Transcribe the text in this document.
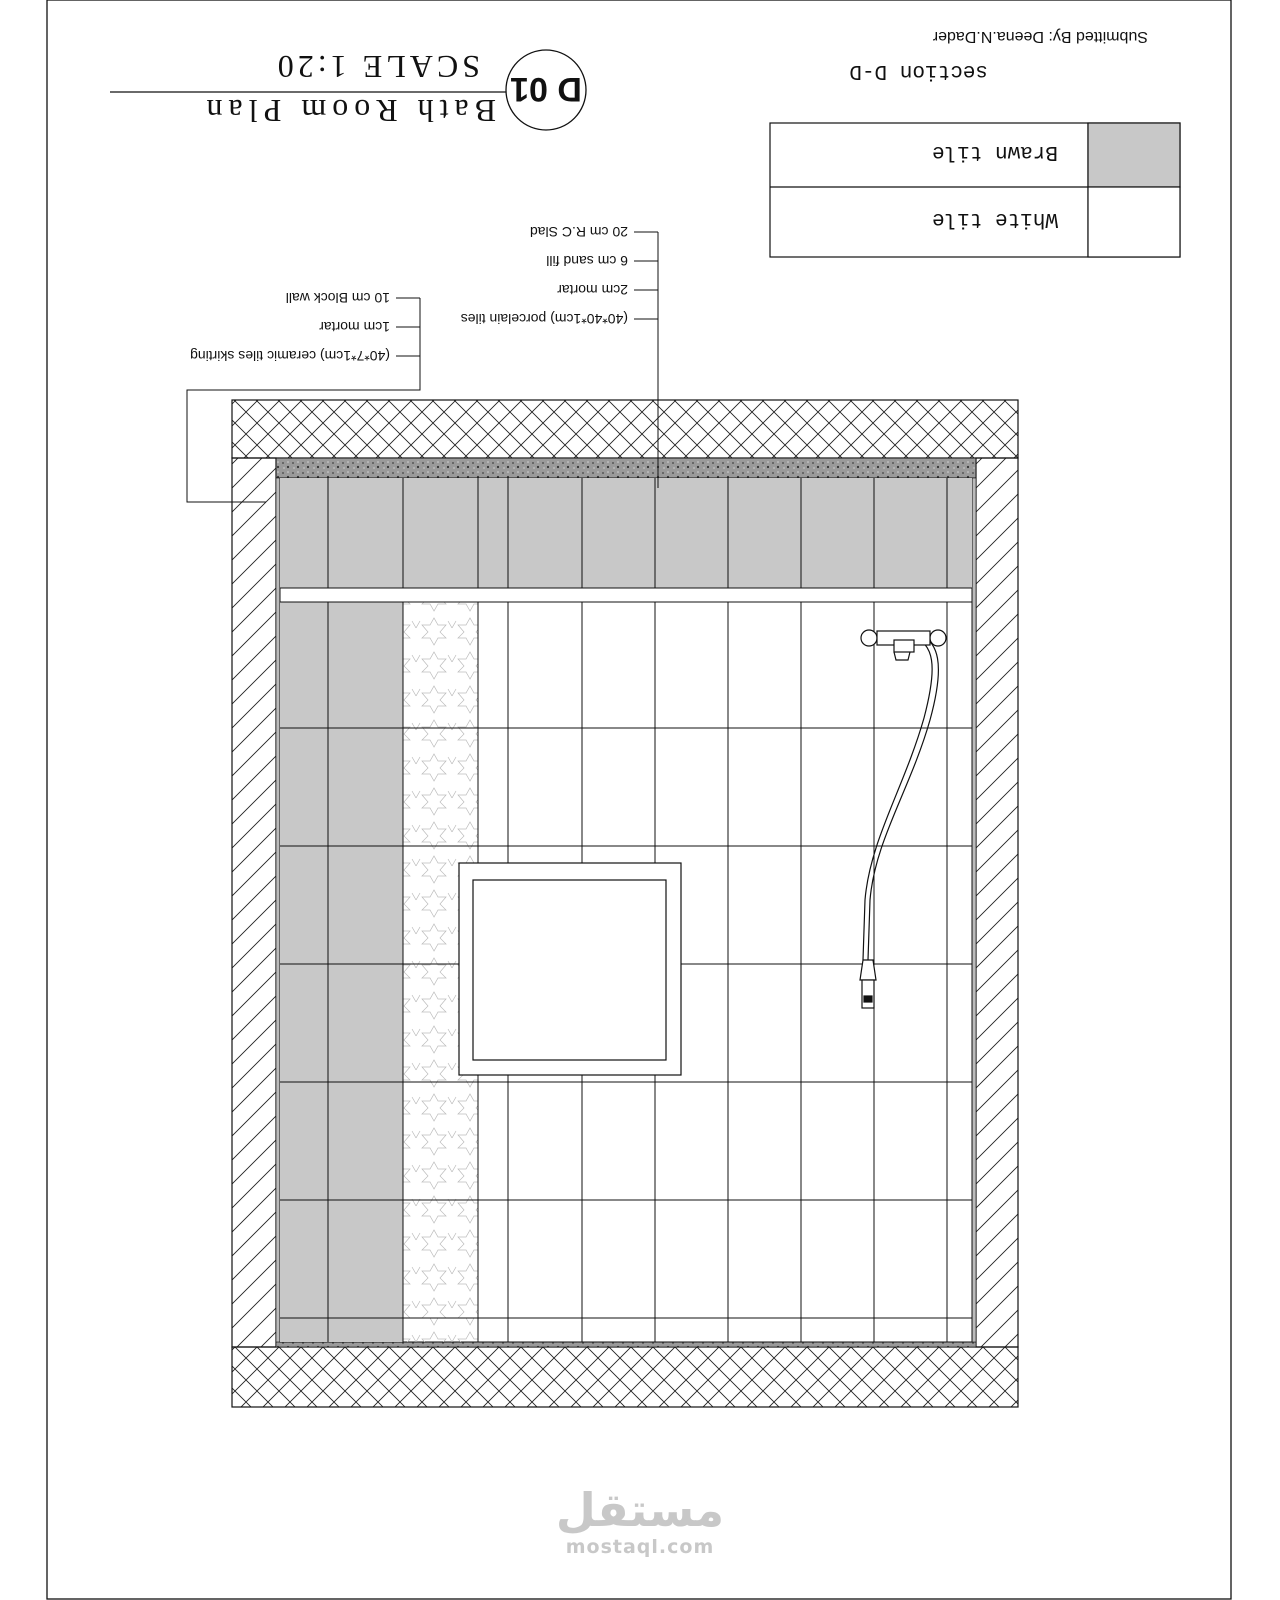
Bath Room Plan
SCALE 1:20
D 01	section D-D
Submitted By: Deena.N.Dader
Brawn tile
White tile
20 cm R.C Slad
6 cm sand fill
2cm mortar
(40*40*1cm) porcelain tiles
10 cm Block wall
1cm mortar
(40*7*1cm) ceramic tiles skirting
مستقل
mostaql.com
